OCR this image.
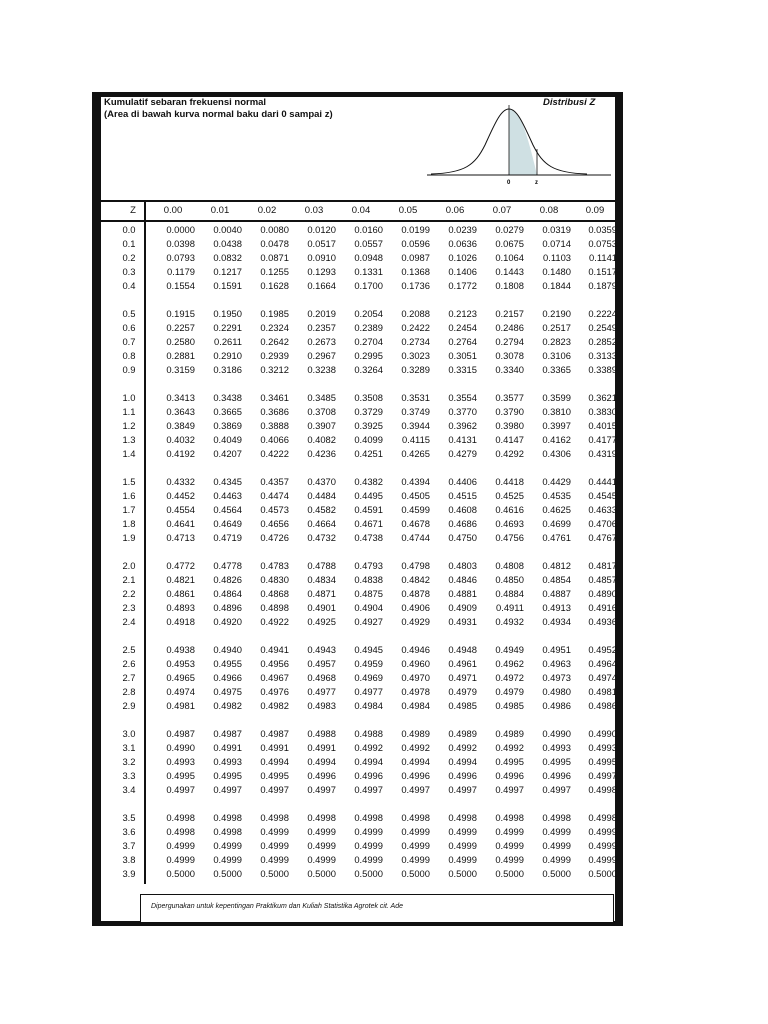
Kumulatif sebaran frekuensi normal
(Area di bawah kurva normal baku dari 0 sampai z)
Distribusi Z
0	z
Z	0.00	0.01	0.02	0.03	0.04	0.05	0.06	0.07	0.08	0.09
0.0	0.0000	0.0040	0.0080	0.0120	0.0160	0.0199	0.0239	0.0279	0.0319	0.0359
0.1	0.0398	0.0438	0.0478	0.0517	0.0557	0.0596	0.0636	0.0675	0.0714	0.0753
0.2	0.0793	0.0832	0.0871	0.0910	0.0948	0.0987	0.1026	0.1064	0.1103	0.1141
0.3	0.1179	0.1217	0.1255	0.1293	0.1331	0.1368	0.1406	0.1443	0.1480	0.1517
0.4	0.1554	0.1591	0.1628	0.1664	0.1700	0.1736	0.1772	0.1808	0.1844	0.1879
0.5	0.1915	0.1950	0.1985	0.2019	0.2054	0.2088	0.2123	0.2157	0.2190	0.2224
0.6	0.2257	0.2291	0.2324	0.2357	0.2389	0.2422	0.2454	0.2486	0.2517	0.2549
0.7	0.2580	0.2611	0.2642	0.2673	0.2704	0.2734	0.2764	0.2794	0.2823	0.2852
0.8	0.2881	0.2910	0.2939	0.2967	0.2995	0.3023	0.3051	0.3078	0.3106	0.3133
0.9	0.3159	0.3186	0.3212	0.3238	0.3264	0.3289	0.3315	0.3340	0.3365	0.3389
1.0	0.3413	0.3438	0.3461	0.3485	0.3508	0.3531	0.3554	0.3577	0.3599	0.3621
1.1	0.3643	0.3665	0.3686	0.3708	0.3729	0.3749	0.3770	0.3790	0.3810	0.3830
1.2	0.3849	0.3869	0.3888	0.3907	0.3925	0.3944	0.3962	0.3980	0.3997	0.4015
1.3	0.4032	0.4049	0.4066	0.4082	0.4099	0.4115	0.4131	0.4147	0.4162	0.4177
1.4	0.4192	0.4207	0.4222	0.4236	0.4251	0.4265	0.4279	0.4292	0.4306	0.4319
1.5	0.4332	0.4345	0.4357	0.4370	0.4382	0.4394	0.4406	0.4418	0.4429	0.4441
1.6	0.4452	0.4463	0.4474	0.4484	0.4495	0.4505	0.4515	0.4525	0.4535	0.4545
1.7	0.4554	0.4564	0.4573	0.4582	0.4591	0.4599	0.4608	0.4616	0.4625	0.4633
1.8	0.4641	0.4649	0.4656	0.4664	0.4671	0.4678	0.4686	0.4693	0.4699	0.4706
1.9	0.4713	0.4719	0.4726	0.4732	0.4738	0.4744	0.4750	0.4756	0.4761	0.4767
2.0	0.4772	0.4778	0.4783	0.4788	0.4793	0.4798	0.4803	0.4808	0.4812	0.4817
2.1	0.4821	0.4826	0.4830	0.4834	0.4838	0.4842	0.4846	0.4850	0.4854	0.4857
2.2	0.4861	0.4864	0.4868	0.4871	0.4875	0.4878	0.4881	0.4884	0.4887	0.4890
2.3	0.4893	0.4896	0.4898	0.4901	0.4904	0.4906	0.4909	0.4911	0.4913	0.4916
2.4	0.4918	0.4920	0.4922	0.4925	0.4927	0.4929	0.4931	0.4932	0.4934	0.4936
2.5	0.4938	0.4940	0.4941	0.4943	0.4945	0.4946	0.4948	0.4949	0.4951	0.4952
2.6	0.4953	0.4955	0.4956	0.4957	0.4959	0.4960	0.4961	0.4962	0.4963	0.4964
2.7	0.4965	0.4966	0.4967	0.4968	0.4969	0.4970	0.4971	0.4972	0.4973	0.4974
2.8	0.4974	0.4975	0.4976	0.4977	0.4977	0.4978	0.4979	0.4979	0.4980	0.4981
2.9	0.4981	0.4982	0.4982	0.4983	0.4984	0.4984	0.4985	0.4985	0.4986	0.4986
3.0	0.4987	0.4987	0.4987	0.4988	0.4988	0.4989	0.4989	0.4989	0.4990	0.4990
3.1	0.4990	0.4991	0.4991	0.4991	0.4992	0.4992	0.4992	0.4992	0.4993	0.4993
3.2	0.4993	0.4993	0.4994	0.4994	0.4994	0.4994	0.4994	0.4995	0.4995	0.4995
3.3	0.4995	0.4995	0.4995	0.4996	0.4996	0.4996	0.4996	0.4996	0.4996	0.4997
3.4	0.4997	0.4997	0.4997	0.4997	0.4997	0.4997	0.4997	0.4997	0.4997	0.4998
3.5	0.4998	0.4998	0.4998	0.4998	0.4998	0.4998	0.4998	0.4998	0.4998	0.4998
3.6	0.4998	0.4998	0.4999	0.4999	0.4999	0.4999	0.4999	0.4999	0.4999	0.4999
3.7	0.4999	0.4999	0.4999	0.4999	0.4999	0.4999	0.4999	0.4999	0.4999	0.4999
3.8	0.4999	0.4999	0.4999	0.4999	0.4999	0.4999	0.4999	0.4999	0.4999	0.4999
3.9	0.5000	0.5000	0.5000	0.5000	0.5000	0.5000	0.5000	0.5000	0.5000	0.5000
Dipergunakan untuk kepentingan Praktikum dan Kuliah Statistika Agrotek cit. Ade
